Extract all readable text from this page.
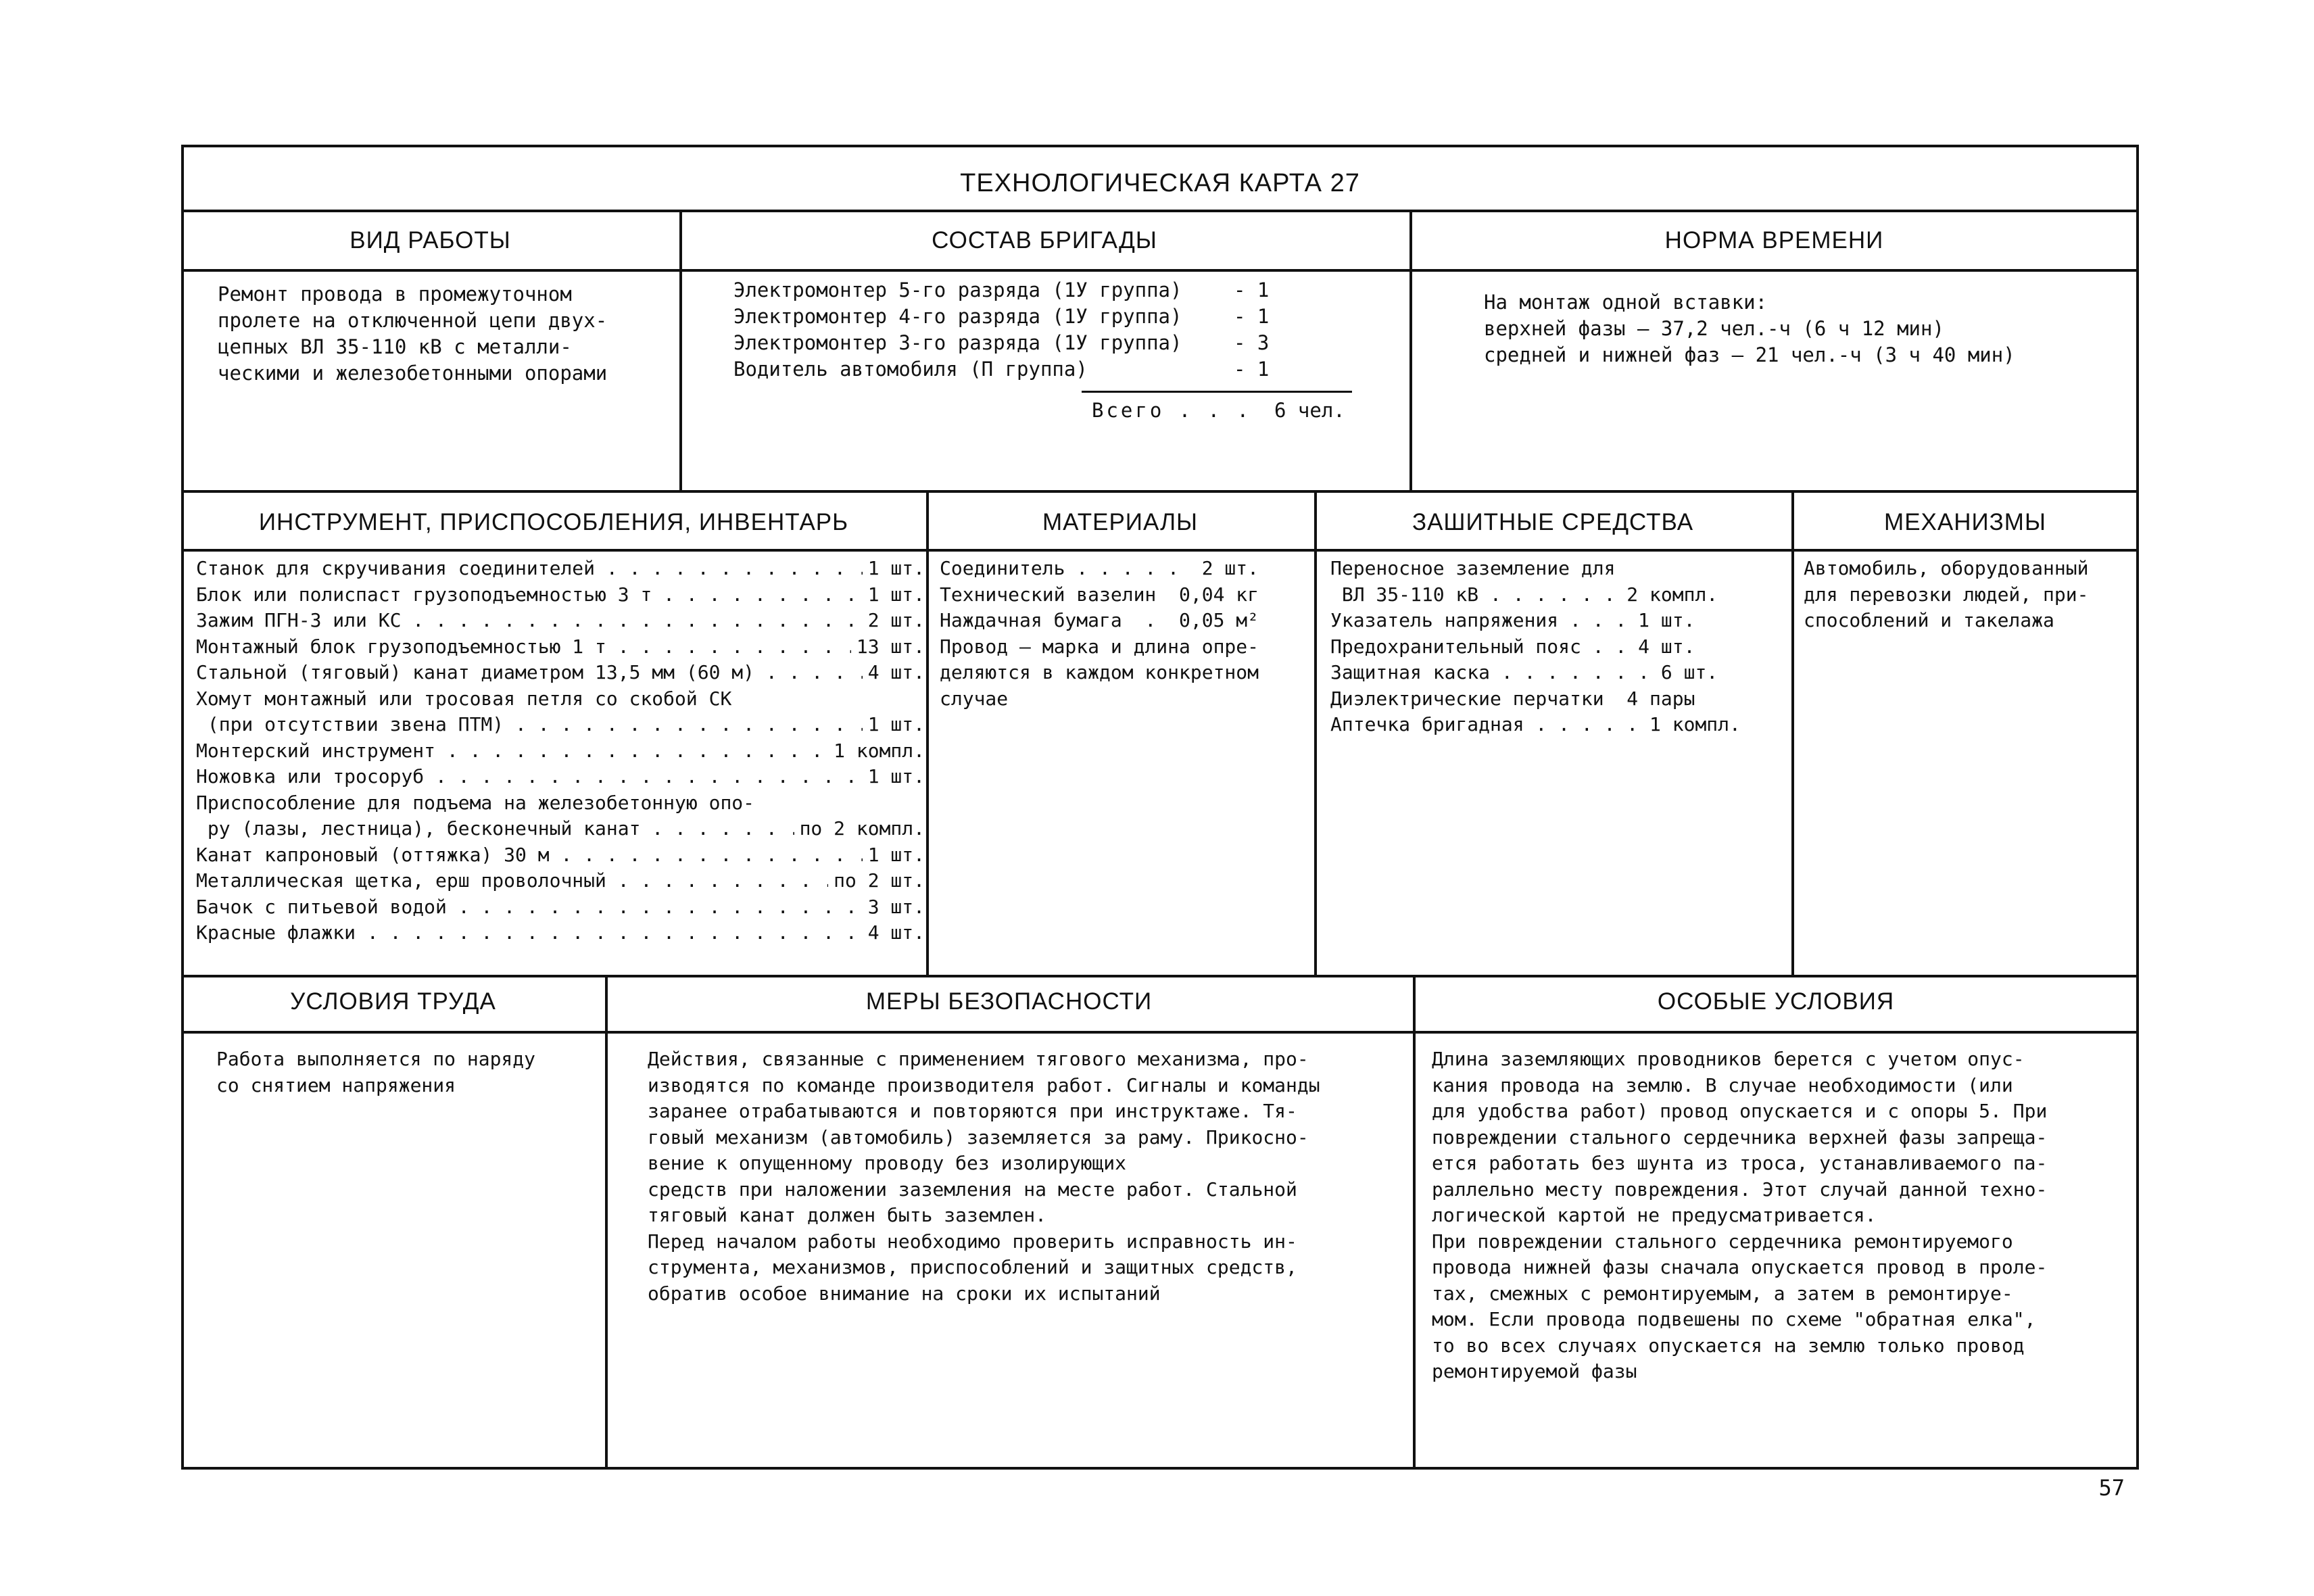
ТЕХНОЛОГИЧЕСКАЯ КАРТА 27
ВИД РАБОТЫ	СОСТАВ БРИГАДЫ	НОРМА ВРЕМЕНИ
Ремонт провода в промежуточном
пролете на отключенной цепи двух-
цепных ВЛ 35-110 кВ с металли-
ческими и железобетонными опорами
Электромонтер 5-го разряда (1У группа)	- 1
Электромонтер 4-го разряда (1У группа)	- 1
Электромонтер 3-го разряда (1У группа)	- 3
Водитель автомобиля (П группа)	- 1
Всего . . . 6 чел.
На монтаж одной вставки:
верхней фазы — 37,2 чел.-ч (6 ч 12 мин)
средней и нижней фаз — 21 чел.-ч (3 ч 40 мин)
ИНСТРУМЕНТ, ПРИСПОСОБЛЕНИЯ, ИНВЕНТАРЬ	МАТЕРИАЛЫ	ЗАШИТНЫЕ СРЕДСТВА	МЕХАНИЗМЫ
Станок для скручивания соединителей . . .	1 шт.
Блок или полиспаст грузоподъемностью 3 т . . .	1 шт.
Зажим ПГН-3 или КС . . .	2 шт.
Монтажный блок грузоподъемностью 1 т . . .	13 шт.
Стальной (тяговый) канат диаметром 13,5 мм (60 м) . . .	4 шт.
Хомут монтажный или тросовая петля со скобой СК
(при отсутствии звена ПТМ) . . .	1 шт.
Монтерский инструмент . . .	1 компл.
Ножовка или тросоруб . . .	1 шт.
Приспособление для подъема на железобетонную опо-
ру (лазы, лестница), бесконечный канат . . .	по 2 компл.
Канат капроновый (оттяжка) 30 м . . .	1 шт.
Металлическая щетка, ерш проволочный . . .	по 2 шт.
Бачок с питьевой водой . . .	3 шт.
Красные флажки . . .	4 шт.
Соединитель . . . . .  2 шт.
Технический вазелин  0,04 кг
Наждачная бумага  .  0,05 м²
Провод — марка и длина опре-
деляются в каждом конкретном
случае
Переносное заземление для
ВЛ 35-110 кВ . . . . . . 2 компл.
Указатель напряжения . . . 1 шт.
Предохранительный пояс . . 4 шт.
Защитная каска . . . . . . . 6 шт.
Диэлектрические перчатки  4 пары
Аптечка бригадная . . . . . 1 компл.
Автомобиль, оборудованный
для перевозки людей, при-
способлений и такелажа
УСЛОВИЯ ТРУДА	МЕРЫ БЕЗОПАСНОСТИ	ОСОБЫЕ УСЛОВИЯ
Работа выполняется по наряду
со снятием напряжения
Действия, связанные с применением тягового механизма, про-
изводятся по команде производителя работ. Сигналы и команды
заранее отрабатываются и повторяются при инструктаже. Тя-
говый механизм (автомобиль) заземляется за раму. Прикосно-
вение к опущенному проводу без изолирующих
средств при наложении заземления на месте работ. Стальной
тяговый канат должен быть заземлен.
Перед началом работы необходимо проверить исправность ин-
струмента, механизмов, приспособлений и защитных средств,
обратив особое внимание на сроки их испытаний
Длина заземляющих проводников берется с учетом опус-
кания провода на землю. В случае необходимости (или
для удобства работ) провод опускается и с опоры 5. При
повреждении стального сердечника верхней фазы запреща-
ется работать без шунта из троса, устанавливаемого па-
раллельно месту повреждения. Этот случай данной техно-
логической картой не предусматривается.
При повреждении стального сердечника ремонтируемого
провода нижней фазы сначала опускается провод в проле-
тах, смежных с ремонтируемым, а затем в ремонтируе-
мом. Если провода подвешены по схеме "обратная елка",
то во всех случаях опускается на землю только провод
ремонтируемой фазы
57
